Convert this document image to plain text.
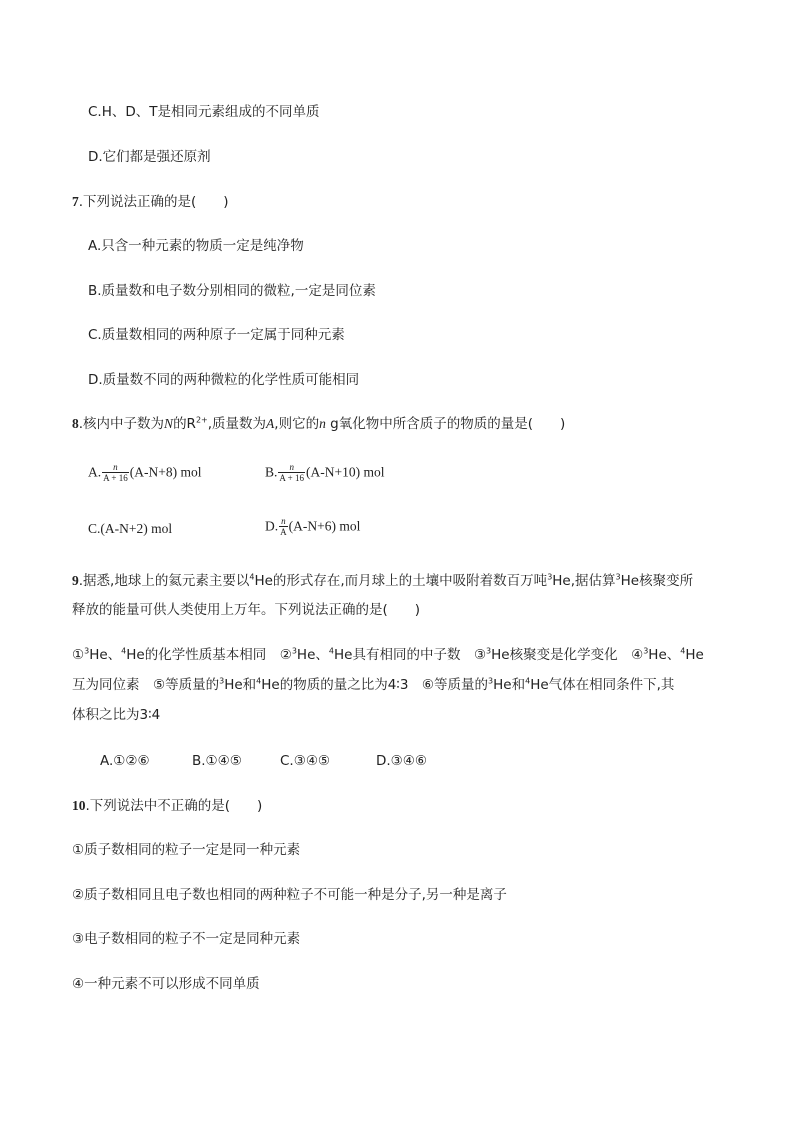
C.H、D、T是相同元素组成的不同单质
D.它们都是强还原剂
7.下列说法正确的是(　　)
A.只含一种元素的物质一定是纯净物
B.质量数和电子数分别相同的微粒,一定是同位素
C.质量数相同的两种原子一定属于同种元素
D.质量数不同的两种微粒的化学性质可能相同
8.核内中子数为N的$R^{2+}$,质量数为A,则它的n g氧化物中所含质子的物质的量是(　　)
A. $\frac{n}{A + 16} (A-N+8)$ mol	B. $\frac{n}{A + 16} (A-N+10)$ mol
C.(A-N+2) mol	D. $\frac{n}{A} (A-N+6)$ mol
9.据悉,地球上的氦元素主要以$^4$He的形式存在,而月球上的土壤中吸附着数百万吨$^3$He,据估算$^3$He核聚变所
释放的能量可供人类使用上万年。下列说法正确的是(　　)
①$^3$He、$^4$He的化学性质基本相同　②$^3$He、$^4$He具有相同的中子数　③$^3$He核聚变是化学变化　④$^3$He、$^4$He
互为同位素　⑤等质量的$^3$He和$^4$He的物质的量之比为4∶3　⑥等质量的$^3$He和$^4$He气体在相同条件下,其
体积之比为3∶4
A.①②⑥	B.①④⑤	C.③④⑤	D.③④⑥
10.下列说法中不正确的是(　　)
①质子数相同的粒子一定是同一种元素
②质子数相同且电子数也相同的两种粒子不可能一种是分子,另一种是离子
③电子数相同的粒子不一定是同种元素
④一种元素不可以形成不同单质
